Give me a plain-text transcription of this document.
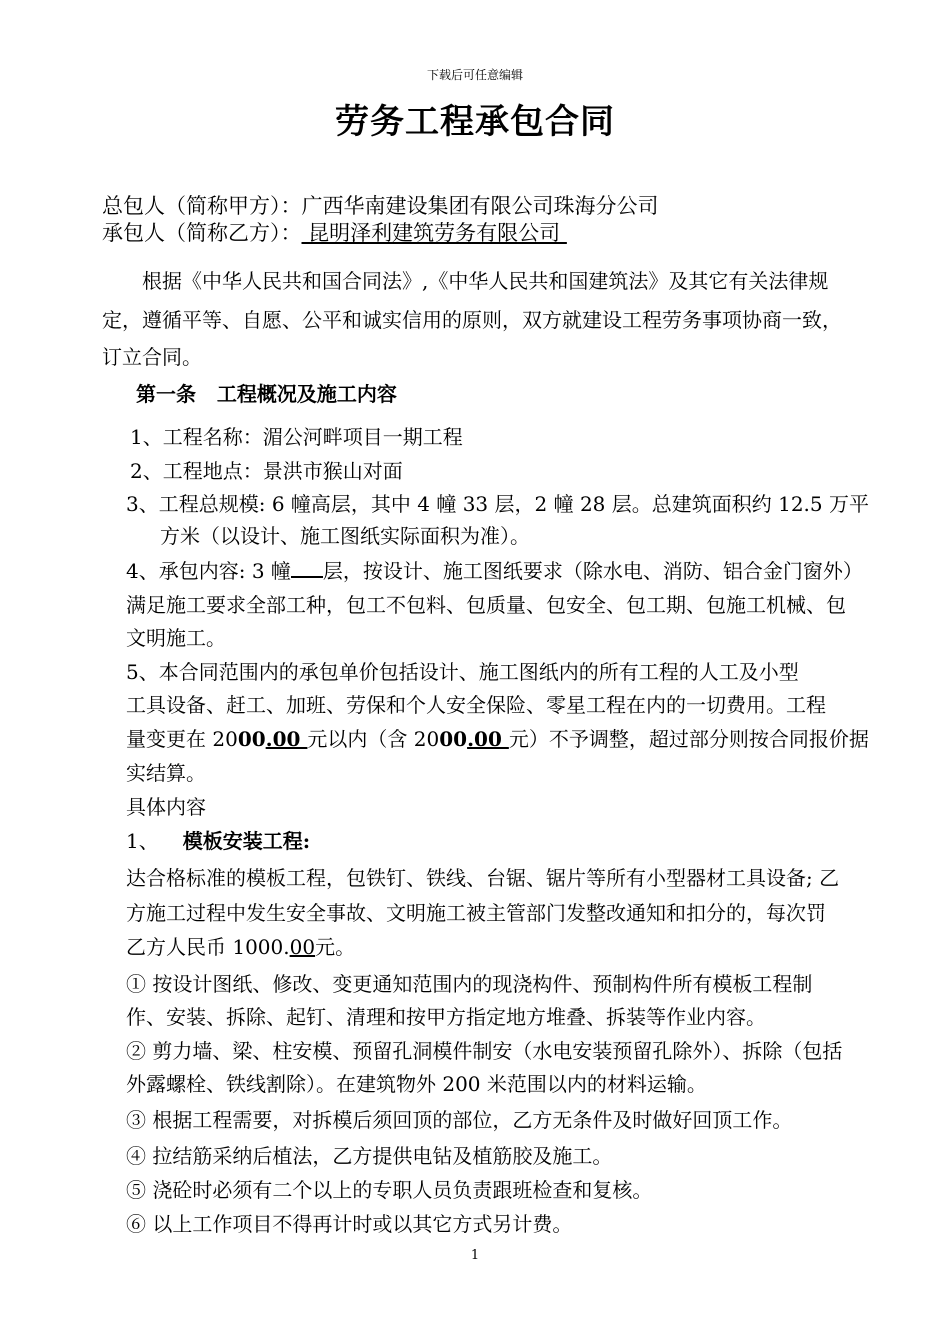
下载后可任意编辑
劳务工程承包合同
总包人（简称甲方）：广西华南建设集团有限公司珠海分公司
承包人（简称乙方）： 昆明泽利建筑劳务有限公司
根据《中华人民共和国合同法》,《中华人民共和国建筑法》及其它有关法律规
定，遵循平等、自愿、公平和诚实信用的原则，双方就建设工程劳务事项协商一致，
订立合同。
第一条   工程概况及施工内容
1、工程名称：湄公河畔项目一期工程
2、工程地点：景洪市猴山对面
3、工程总规模: 6 幢高层，其中 4 幢 33 层，2 幢 28 层。总建筑面积约 12.5 万平
方米（以设计、施工图纸实际面积为准）。
4、承包内容: 3 幢 层，按设计、施工图纸要求（除水电、消防、铝合金门窗外）
满足施工要求全部工种，包工不包料、包质量、包安全、包工期、包施工机械、包
文明施工。
5、本合同范围内的承包单价包括设计、施工图纸内的所有工程的人工及小型
工具设备、赶工、加班、劳保和个人安全保险、零星工程在内的一切费用。工程
量变更在 2000.00 元以内（含 2000.00 元）不予调整，超过部分则按合同报价据
实结算。
具体内容
1、 模板安装工程:
达合格标准的模板工程，包铁钉、铁线、台锯、锯片等所有小型器材工具设备; 乙
方施工过程中发生安全事故、文明施工被主管部门发整改通知和扣分的，每次罚
乙方人民币 1000.00元。
① 按设计图纸、修改、变更通知范围内的现浇构件、预制构件所有模板工程制
作、安装、拆除、起钉、清理和按甲方指定地方堆叠、拆装等作业内容。
② 剪力墙、梁、柱安模、预留孔洞模件制安（水电安装预留孔除外）、拆除（包括
外露螺栓、铁线割除）。在建筑物外 200 米范围以内的材料运输。
③ 根据工程需要，对拆模后须回顶的部位，乙方无条件及时做好回顶工作。
④ 拉结筋采纳后植法，乙方提供电钻及植筋胶及施工。
⑤ 浇砼时必须有二个以上的专职人员负责跟班检查和复核。
⑥ 以上工作项目不得再计时或以其它方式另计费。
1
